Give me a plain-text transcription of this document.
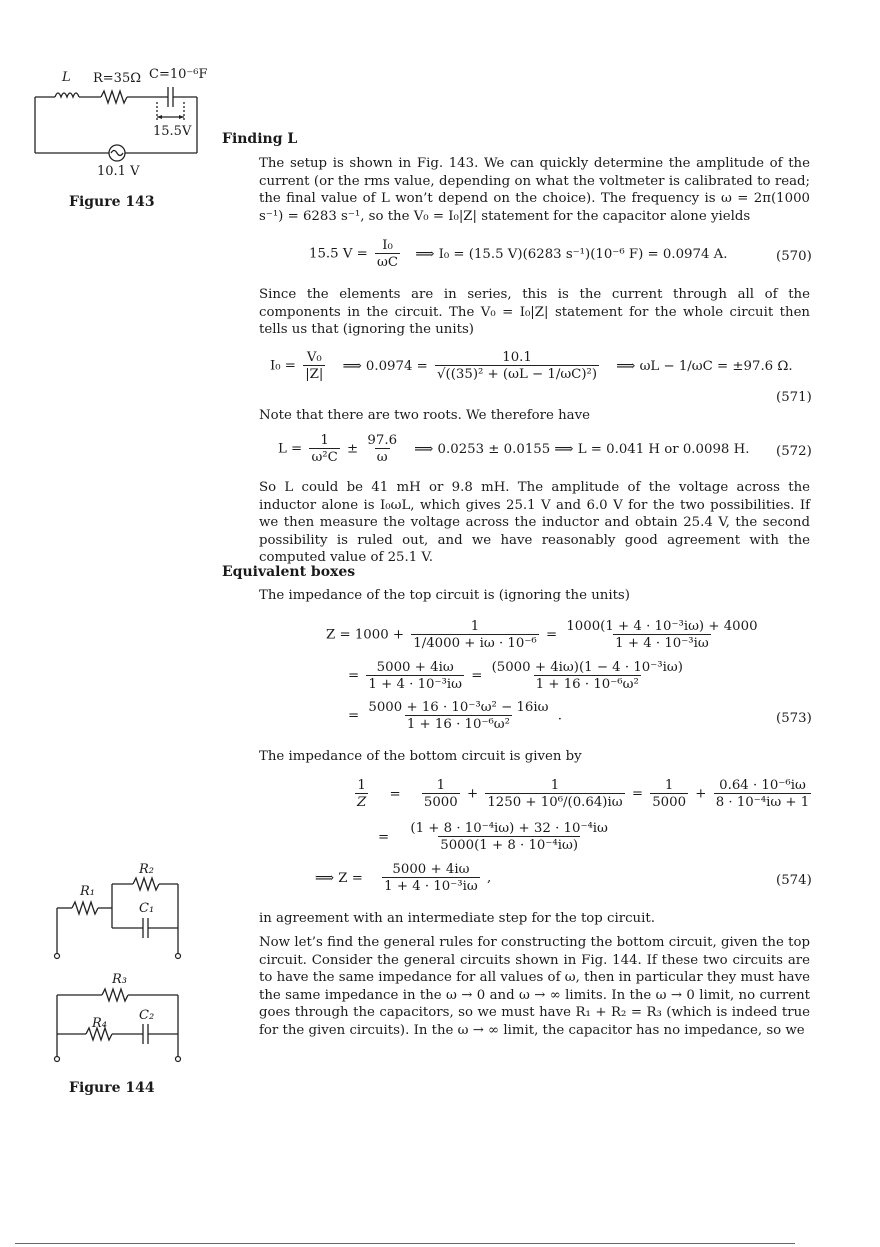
L R=35Ω C=10⁻⁶F
15.5V
10.1 V
Figure 143
Finding L

The setup is shown in Fig. 143. We can quickly determine the amplitude of the current (or the rms value, depending on what the voltmeter is calibrated to read; the final value of L won’t depend on the choice). The frequency is ω = 2π(1000 s⁻¹) = 6283 s⁻¹, so the V₀ = I₀|Z| statement for the capacitor alone yields

15.5 $V = \frac{\text{I₀}}{\omega C}$ ⟹ I₀ = (15.5 V)(6283 s⁻¹)(10⁻⁶ F) = 0.0974 A.	(570)

Since the elements are in series, this is the current through all of the components in the circuit. The V₀ = I₀|Z| statement for the whole circuit then tells us that (ignoring the units)

$I_0 = \frac{\text{V₀}}{|Z|}$ ⟹ $0.0974 = \frac{10.1}{\text{√((35)² + (ωL − 1/ωC)²)}}$ ⟹ ωL − 1/ωC = ±97.6 Ω.
(571)

Note that there are two roots. We therefore have

$L = \frac{1}{\text{ω²C}} \pm \frac{97.6}{\omega}$ ⟹ 0.0253 ± 0.0155 ⟹ L = 0.041 H or 0.0098 H. (572)

So L could be 41 mH or 9.8 mH. The amplitude of the voltage across the inductor alone is I₀ωL, which gives 25.1 V and 6.0 V for the two possibilities. If we then measure the voltage across the inductor and obtain 25.4 V, the second possibility is ruled out, and we have reasonably good agreement with the computed value of 25.1 V.

Equivalent boxes

The impedance of the top circuit is (ignoring the units)

$Z = 1000 + \frac{1}{\text{1/4000 + iω · 10⁻⁶}} = \frac{\text{1000(1 + 4 · 10⁻³iω) + 4000}}{\text{1 + 4 · 10⁻³iω}}$
= $\frac{5000 + 4i\omega}{\text{1 + 4 · 10⁻³iω}} = \frac{\text{(5000 + 4iω)(1 − 4 · 10⁻³iω)}}{\text{1 + 16 · 10⁻⁶ω²}}$
= $\frac{\text{5000 + 16 · 10⁻³ω² − 16iω}}{\text{1 + 16 · 10⁻⁶ω²}}$ .	(573)

The impedance of the bottom circuit is given by

$\frac{1}{Z} = \frac{1}{5000} + \frac{1}{\text{1250 + 10⁶/(0.64)iω}} = \frac{1}{5000} + \frac{\text{0.64 · 10⁻⁶iω}}{\text{8 · 10⁻⁴iω + 1}}$
= $\frac{\text{(1 + 8 · 10⁻⁴iω) + 32 · 10⁻⁴iω}}{\text{5000(1 + 8 · 10⁻⁴iω)}}$
⟹ $Z = \frac{5000 + 4i\omega}{\text{1 + 4 · 10⁻³iω}}$ ,	(574)

in agreement with an intermediate step for the top circuit.

Now let’s find the general rules for constructing the bottom circuit, given the top circuit. Consider the general circuits shown in Fig. 144. If these two circuits are to have the same impedance for all values of ω, then in particular they must have the same impedance in the ω → 0 and ω → ∞ limits. In the ω → 0 limit, no current goes through the capacitors, so we must have R₁ + R₂ = R₃ (which is indeed true for the given circuits). In the ω → ∞ limit, the capacitor has no impedance, so we

R₂
R₁
C₁
R₃
R₄
C₂
Figure 144
